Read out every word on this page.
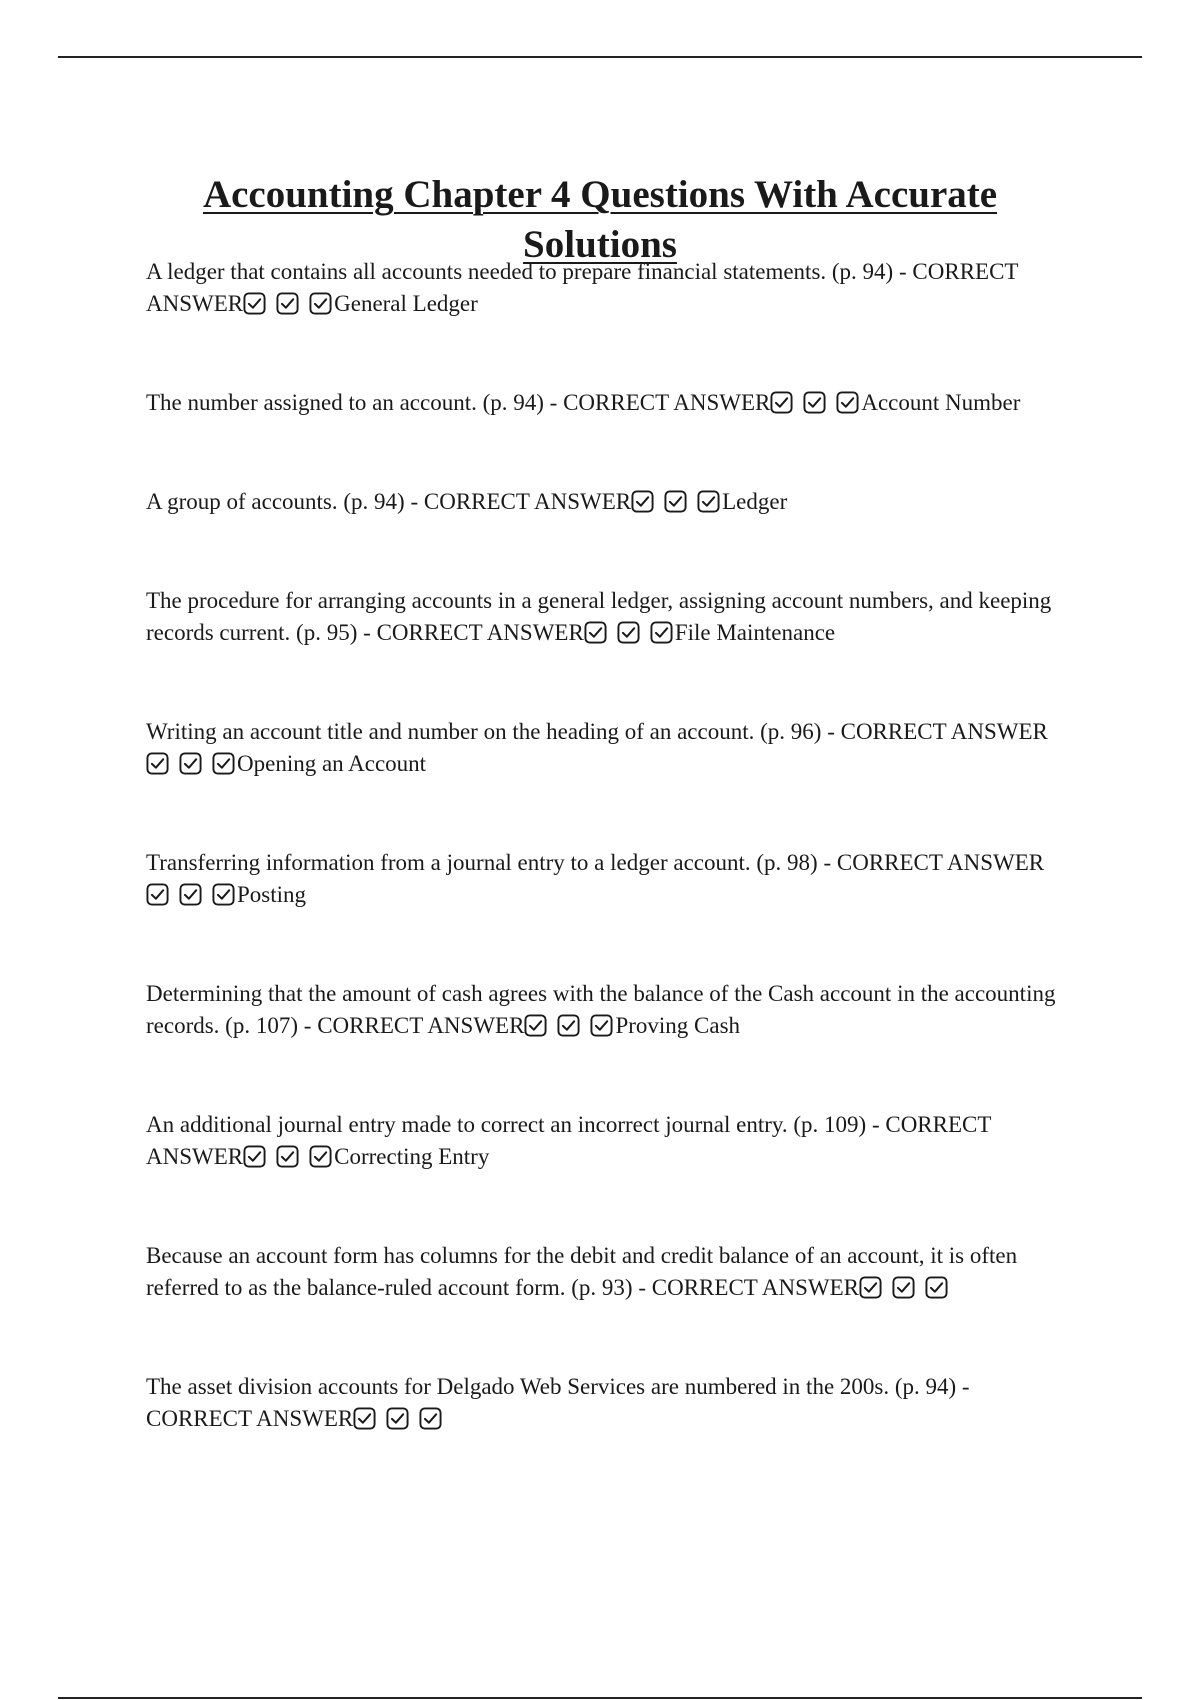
Accounting Chapter 4 Questions With Accurate Solutions

A ledger that contains all accounts needed to prepare financial statements. (p. 94) - CORRECT ANSWER	General Ledger

The number assigned to an account. (p. 94) - CORRECT ANSWER	Account Number

A group of accounts. (p. 94) - CORRECT ANSWER	Ledger

The procedure for arranging accounts in a general ledger, assigning account numbers, and keeping records current. (p. 95) - CORRECT ANSWER	File Maintenance

Writing an account title and number on the heading of an account. (p. 96) - CORRECT ANSWER
Opening an Account

Transferring information from a journal entry to a ledger account. (p. 98) - CORRECT ANSWER
Posting

Determining that the amount of cash agrees with the balance of the Cash account in the accounting records. (p. 107) - CORRECT ANSWER	Proving Cash

An additional journal entry made to correct an incorrect journal entry. (p. 109) - CORRECT ANSWER	Correcting Entry

Because an account form has columns for the debit and credit balance of an account, it is often referred to as the balance-ruled account form. (p. 93) - CORRECT ANSWER

The asset division accounts for Delgado Web Services are numbered in the 200s. (p. 94) - CORRECT ANSWER
